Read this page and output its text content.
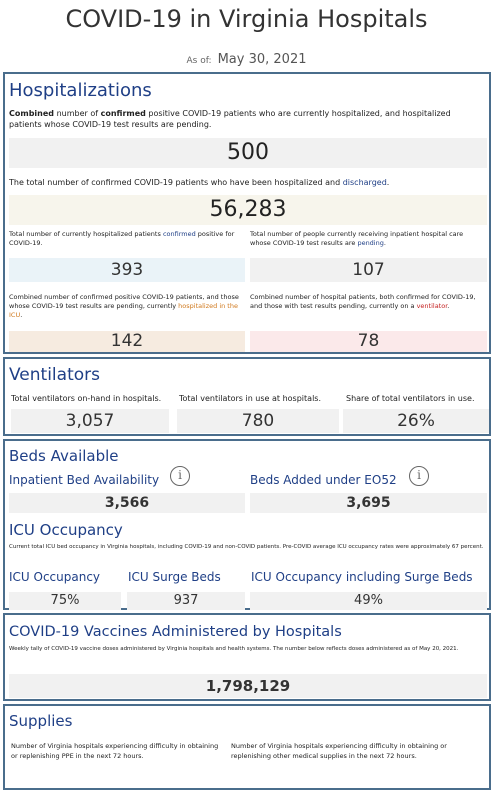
COVID-19 in Virginia Hospitals
As of: May 30, 2021
Hospitalizations
Combined number of confirmed positive COVID-19 patients who are currently hospitalized, and hospitalized patients whose COVID-19 test results are pending.
500
The total number of confirmed COVID-19 patients who have been hospitalized and discharged.
56,283
Total number of currently hospitalized patients confirmed positive for COVID-19.
393
Total number of people currently receiving inpatient hospital care whose COVID-19 test results are pending.
107
Combined number of confirmed positive COVID-19 patients, and those whose COVID-19 test results are pending, currently hospitalized in the ICU.
142
Combined number of hospital patients, both confirmed for COVID-19, and those with test results pending, currently on a ventilator.
78
Ventilators
Total ventilators on-hand in hospitals.
3,057
Total ventilators in use at hospitals.
780
Share of total ventilators in use.
26%
Beds Available
Inpatient Bed Availability	i
3,566
Beds Added under EO52	i
3,695
ICU Occupancy
Current total ICU bed occupancy in Virginia hospitals, including COVID-19 and non-COVID patients. Pre-COVID average ICU occupancy rates were approximately 67 percent.
ICU Occupancy
75%
ICU Surge Beds
937
ICU Occupancy including Surge Beds
49%
COVID-19 Vaccines Administered by Hospitals
Weekly tally of COVID-19 vaccine doses administered by Virginia hospitals and health systems. The number below reflects doses administered as of May 20, 2021.
1,798,129
Supplies
Number of Virginia hospitals experiencing difficulty in obtaining or replenishing PPE in the next 72 hours.
Number of Virginia hospitals experiencing difficulty in obtaining or replenishing other medical supplies in the next 72 hours.
